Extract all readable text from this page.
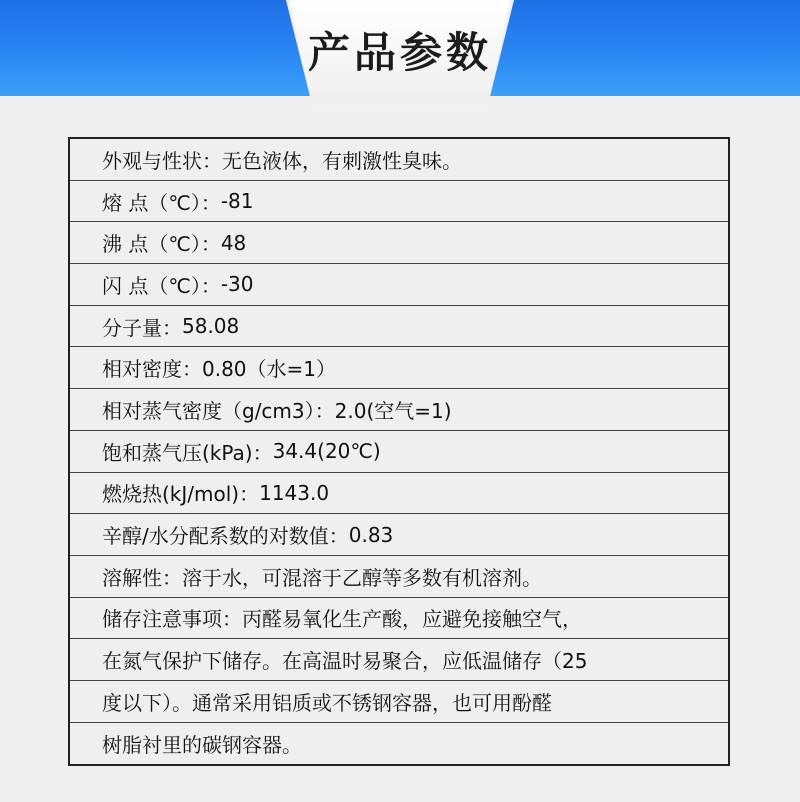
产品参数
外观与性状： 无色液体，有刺激性臭味。
熔 点（℃）： -81
沸 点（℃）： 48
闪 点（℃）： -30
分子量： 58.08
相对密度： 0.80（水=1）
相对蒸气密度（g/cm3）： 2.0(空气=1)
饱和蒸气压(kPa)： 34.4(20℃)
燃烧热(kJ/mol)： 1143.0
辛醇/水分配系数的对数值： 0.83
溶解性： 溶于水，可混溶于乙醇等多数有机溶剂。
储存注意事项： 丙醛易氧化生产酸，应避免接触空气，
在氮气保护下储存。在高温时易聚合，应低温储存（25
度以下）。通常采用铝质或不锈钢容器，也可用酚醛
树脂衬里的碳钢容器。
